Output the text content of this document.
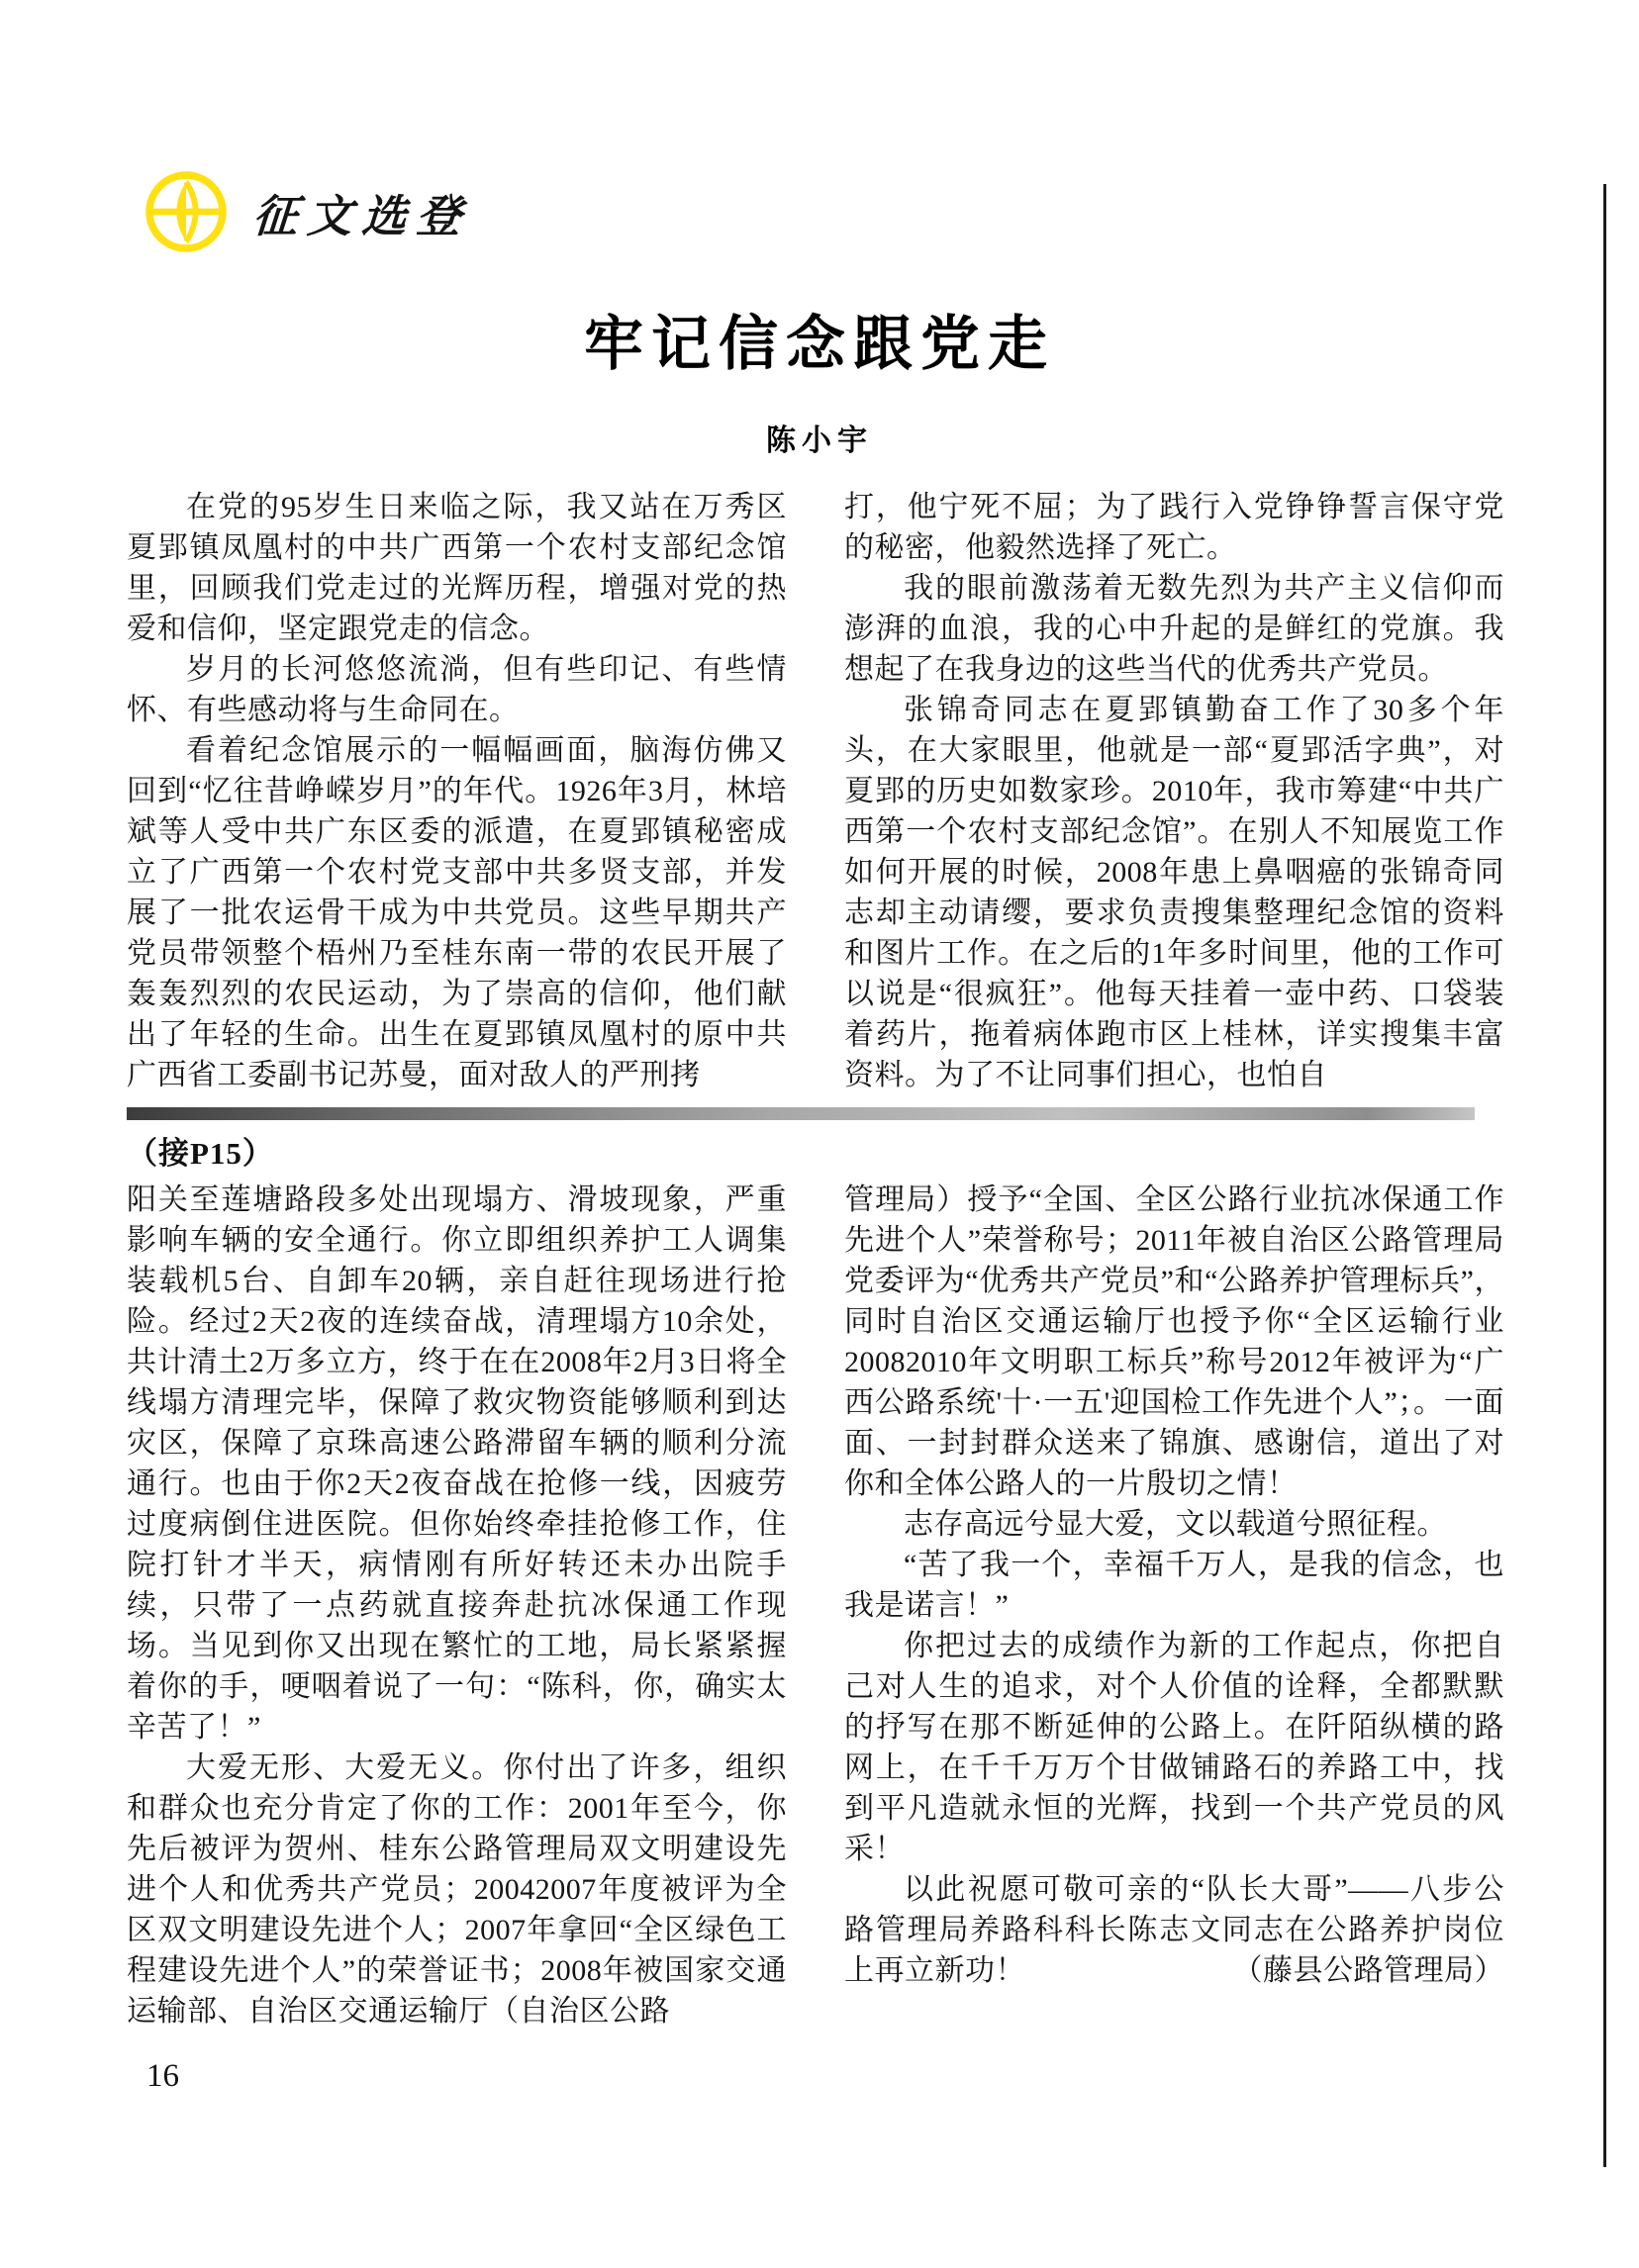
征文选登
牢记信念跟党走
陈小宇

在党的95岁生日来临之际，我又站在万秀区夏郢镇凤凰村的中共广西第一个农村支部纪念馆里，回顾我们党走过的光辉历程，增强对党的热爱和信仰，坚定跟党走的信念。

岁月的长河悠悠流淌，但有些印记、有些情怀、有些感动将与生命同在。

看着纪念馆展示的一幅幅画面，脑海仿佛又回到“忆往昔峥嵘岁月”的年代。1926年3月，林培斌等人受中共广东区委的派遣，在夏郢镇秘密成立了广西第一个农村党支部中共多贤支部，并发展了一批农运骨干成为中共党员。这些早期共产党员带领整个梧州乃至桂东南一带的农民开展了轰轰烈烈的农民运动，为了崇高的信仰，他们献出了年轻的生命。出生在夏郢镇凤凰村的原中共广西省工委副书记苏曼，面对敌人的严刑拷

打，他宁死不屈；为了践行入党铮铮誓言保守党的秘密，他毅然选择了死亡。

我的眼前激荡着无数先烈为共产主义信仰而澎湃的血浪，我的心中升起的是鲜红的党旗。我想起了在我身边的这些当代的优秀共产党员。

张锦奇同志在夏郢镇勤奋工作了30多个年头，在大家眼里，他就是一部“夏郢活字典”，对夏郢的历史如数家珍。2010年，我市筹建“中共广西第一个农村支部纪念馆”。在别人不知展览工作如何开展的时候，2008年患上鼻咽癌的张锦奇同志却主动请缨，要求负责搜集整理纪念馆的资料和图片工作。在之后的1年多时间里，他的工作可以说是“很疯狂”。他每天挂着一壶中药、口袋装着药片，拖着病体跑市区上桂林，详实搜集丰富资料。为了不让同事们担心，也怕自

（接P15）

阳关至莲塘路段多处出现塌方、滑坡现象，严重影响车辆的安全通行。你立即组织养护工人调集装载机5台、自卸车20辆，亲自赶往现场进行抢险。经过2天2夜的连续奋战，清理塌方10余处，共计清土2万多立方，终于在在2008年2月3日将全线塌方清理完毕，保障了救灾物资能够顺利到达灾区，保障了京珠高速公路滞留车辆的顺利分流通行。也由于你2天2夜奋战在抢修一线，因疲劳过度病倒住进医院。但你始终牵挂抢修工作，住院打针才半天，病情刚有所好转还未办出院手续，只带了一点药就直接奔赴抗冰保通工作现场。当见到你又出现在繁忙的工地，局长紧紧握着你的手，哽咽着说了一句：“陈科，你，确实太辛苦了！”

大爱无形、大爱无义。你付出了许多，组织和群众也充分肯定了你的工作：2001年至今，你先后被评为贺州、桂东公路管理局双文明建设先进个人和优秀共产党员；20042007年度被评为全区双文明建设先进个人；2007年拿回“全区绿色工程建设先进个人”的荣誉证书；2008年被国家交通运输部、自治区交通运输厅（自治区公路

管理局）授予“全国、全区公路行业抗冰保通工作先进个人”荣誉称号；2011年被自治区公路管理局党委评为“优秀共产党员”和“公路养护管理标兵”，同时自治区交通运输厅也授予你“全区运输行业20082010年文明职工标兵”称号2012年被评为“广西公路系统'十·一五'迎国检工作先进个人”；。一面面、一封封群众送来了锦旗、感谢信，道出了对你和全体公路人的一片殷切之情！

志存高远兮显大爱，文以载道兮照征程。

“苦了我一个，幸福千万人，是我的信念，也我是诺言！”

你把过去的成绩作为新的工作起点，你把自己对人生的追求，对个人价值的诠释，全都默默的抒写在那不断延伸的公路上。在阡陌纵横的路网上，在千千万万个甘做铺路石的养路工中，找到平凡造就永恒的光辉，找到一个共产党员的风采！

以此祝愿可敬可亲的“队长大哥”——八步公路管理局养路科科长陈志文同志在公路养护岗位上再立新功！	（藤县公路管理局）

16
